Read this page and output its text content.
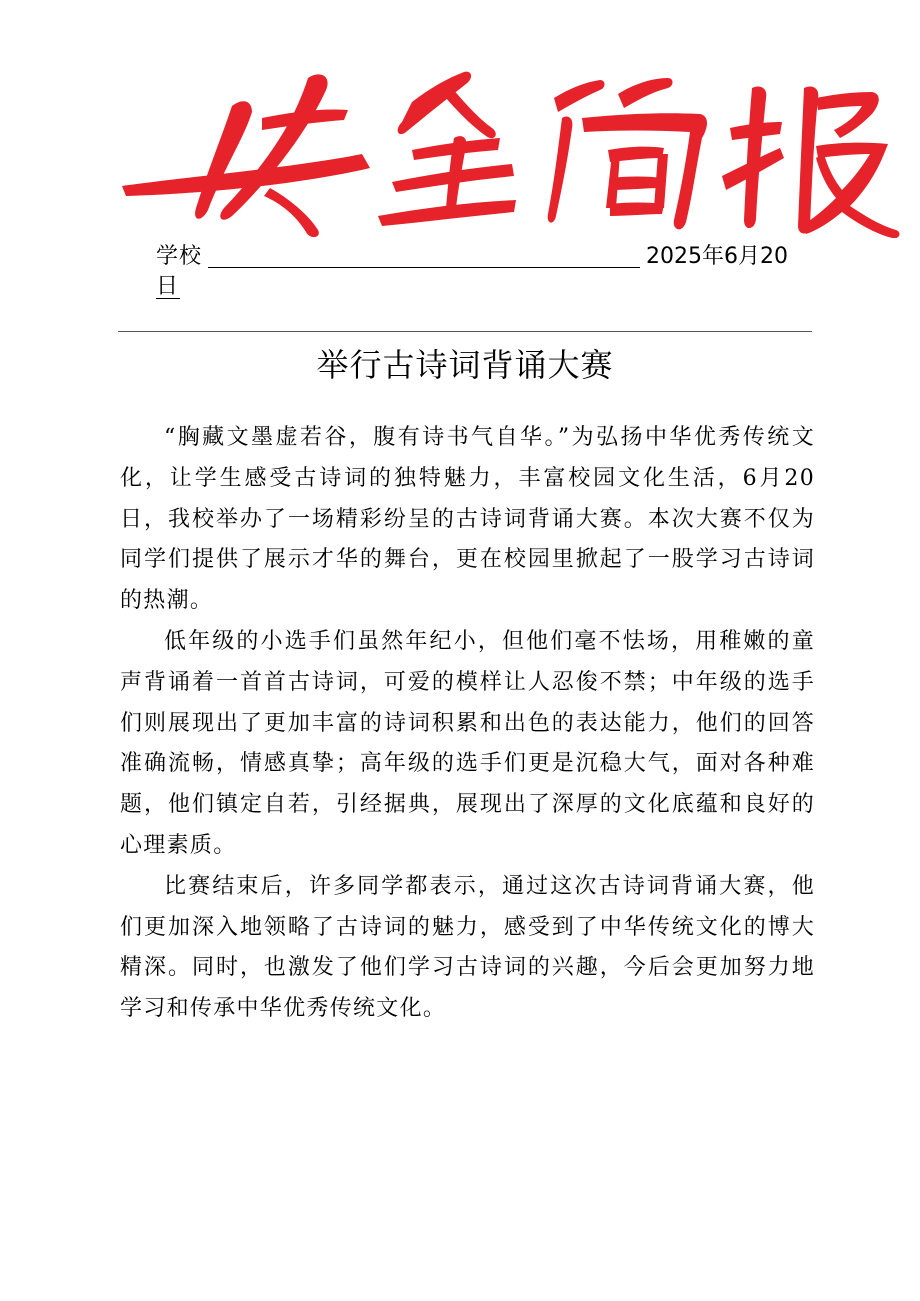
学校	2025年6月20
日
举行古诗词背诵大赛

“胸藏文墨虚若谷，腹有诗书气自华。”为弘扬中华优秀传统文化，让学生感受古诗词的独特魅力，丰富校园文化生活，6月20日，我校举办了一场精彩纷呈的古诗词背诵大赛。本次大赛不仅为同学们提供了展示才华的舞台，更在校园里掀起了一股学习古诗词的热潮。

低年级的小选手们虽然年纪小，但他们毫不怯场，用稚嫩的童声背诵着一首首古诗词，可爱的模样让人忍俊不禁；中年级的选手们则展现出了更加丰富的诗词积累和出色的表达能力，他们的回答准确流畅，情感真挚；高年级的选手们更是沉稳大气，面对各种难题，他们镇定自若，引经据典，展现出了深厚的文化底蕴和良好的心理素质。

比赛结束后，许多同学都表示，通过这次古诗词背诵大赛，他们更加深入地领略了古诗词的魅力，感受到了中华传统文化的博大精深。同时，也激发了他们学习古诗词的兴趣，今后会更加努力地学习和传承中华优秀传统文化。
